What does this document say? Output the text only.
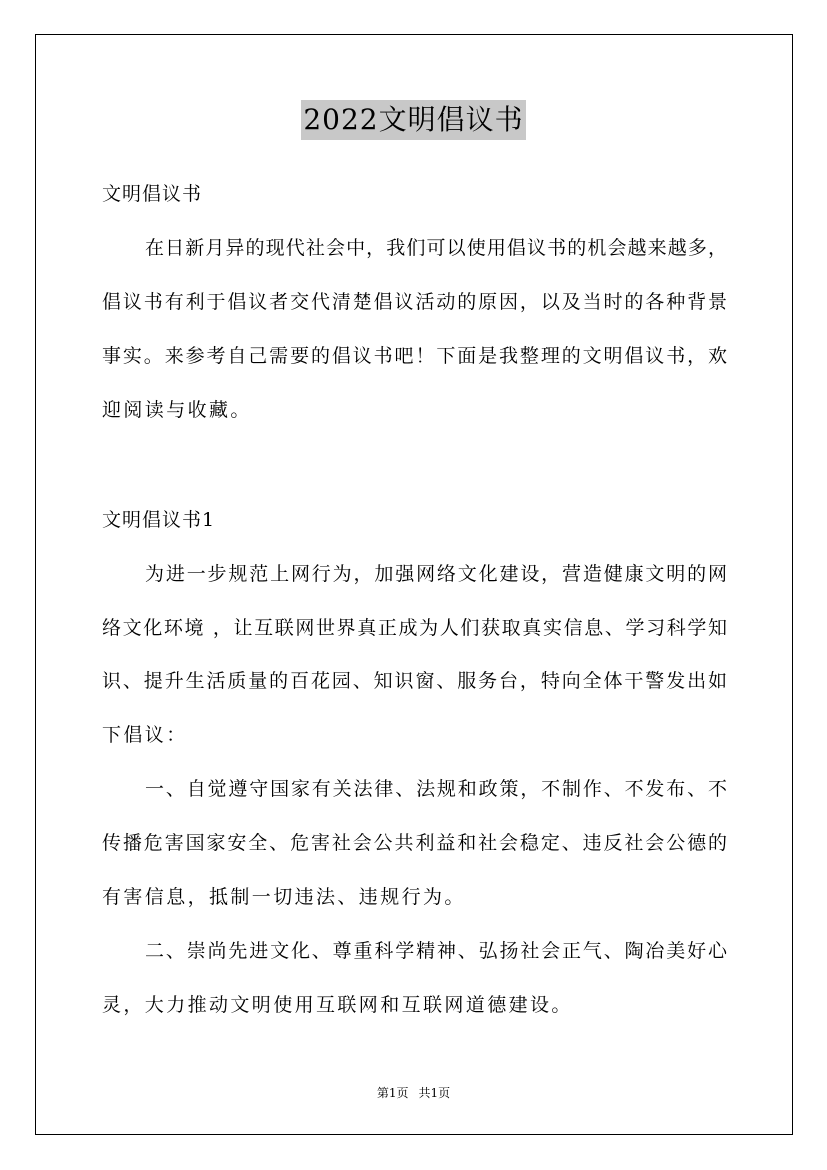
2022文明倡议书
文明倡议书
在日新月异的现代社会中，我们可以使用倡议书的机会越来越多，
倡议书有利于倡议者交代清楚倡议活动的原因，以及当时的各种背景
事实。来参考自己需要的倡议书吧！下面是我整理的文明倡议书，欢
迎阅读与收藏。
文明倡议书1
为进一步规范上网行为，加强网络文化建设，营造健康文明的网
络文化环境 ，让互联网世界真正成为人们获取真实信息、学习科学知
识、提升生活质量的百花园、知识窗、服务台，特向全体干警发出如
下倡议：
一、自觉遵守国家有关法律、法规和政策，不制作、不发布、不
传播危害国家安全、危害社会公共利益和社会稳定、违反社会公德的
有害信息，抵制一切违法、违规行为。
二、崇尚先进文化、尊重科学精神、弘扬社会正气、陶冶美好心
灵，大力推动文明使用互联网和互联网道德建设。
第1页 共1页
